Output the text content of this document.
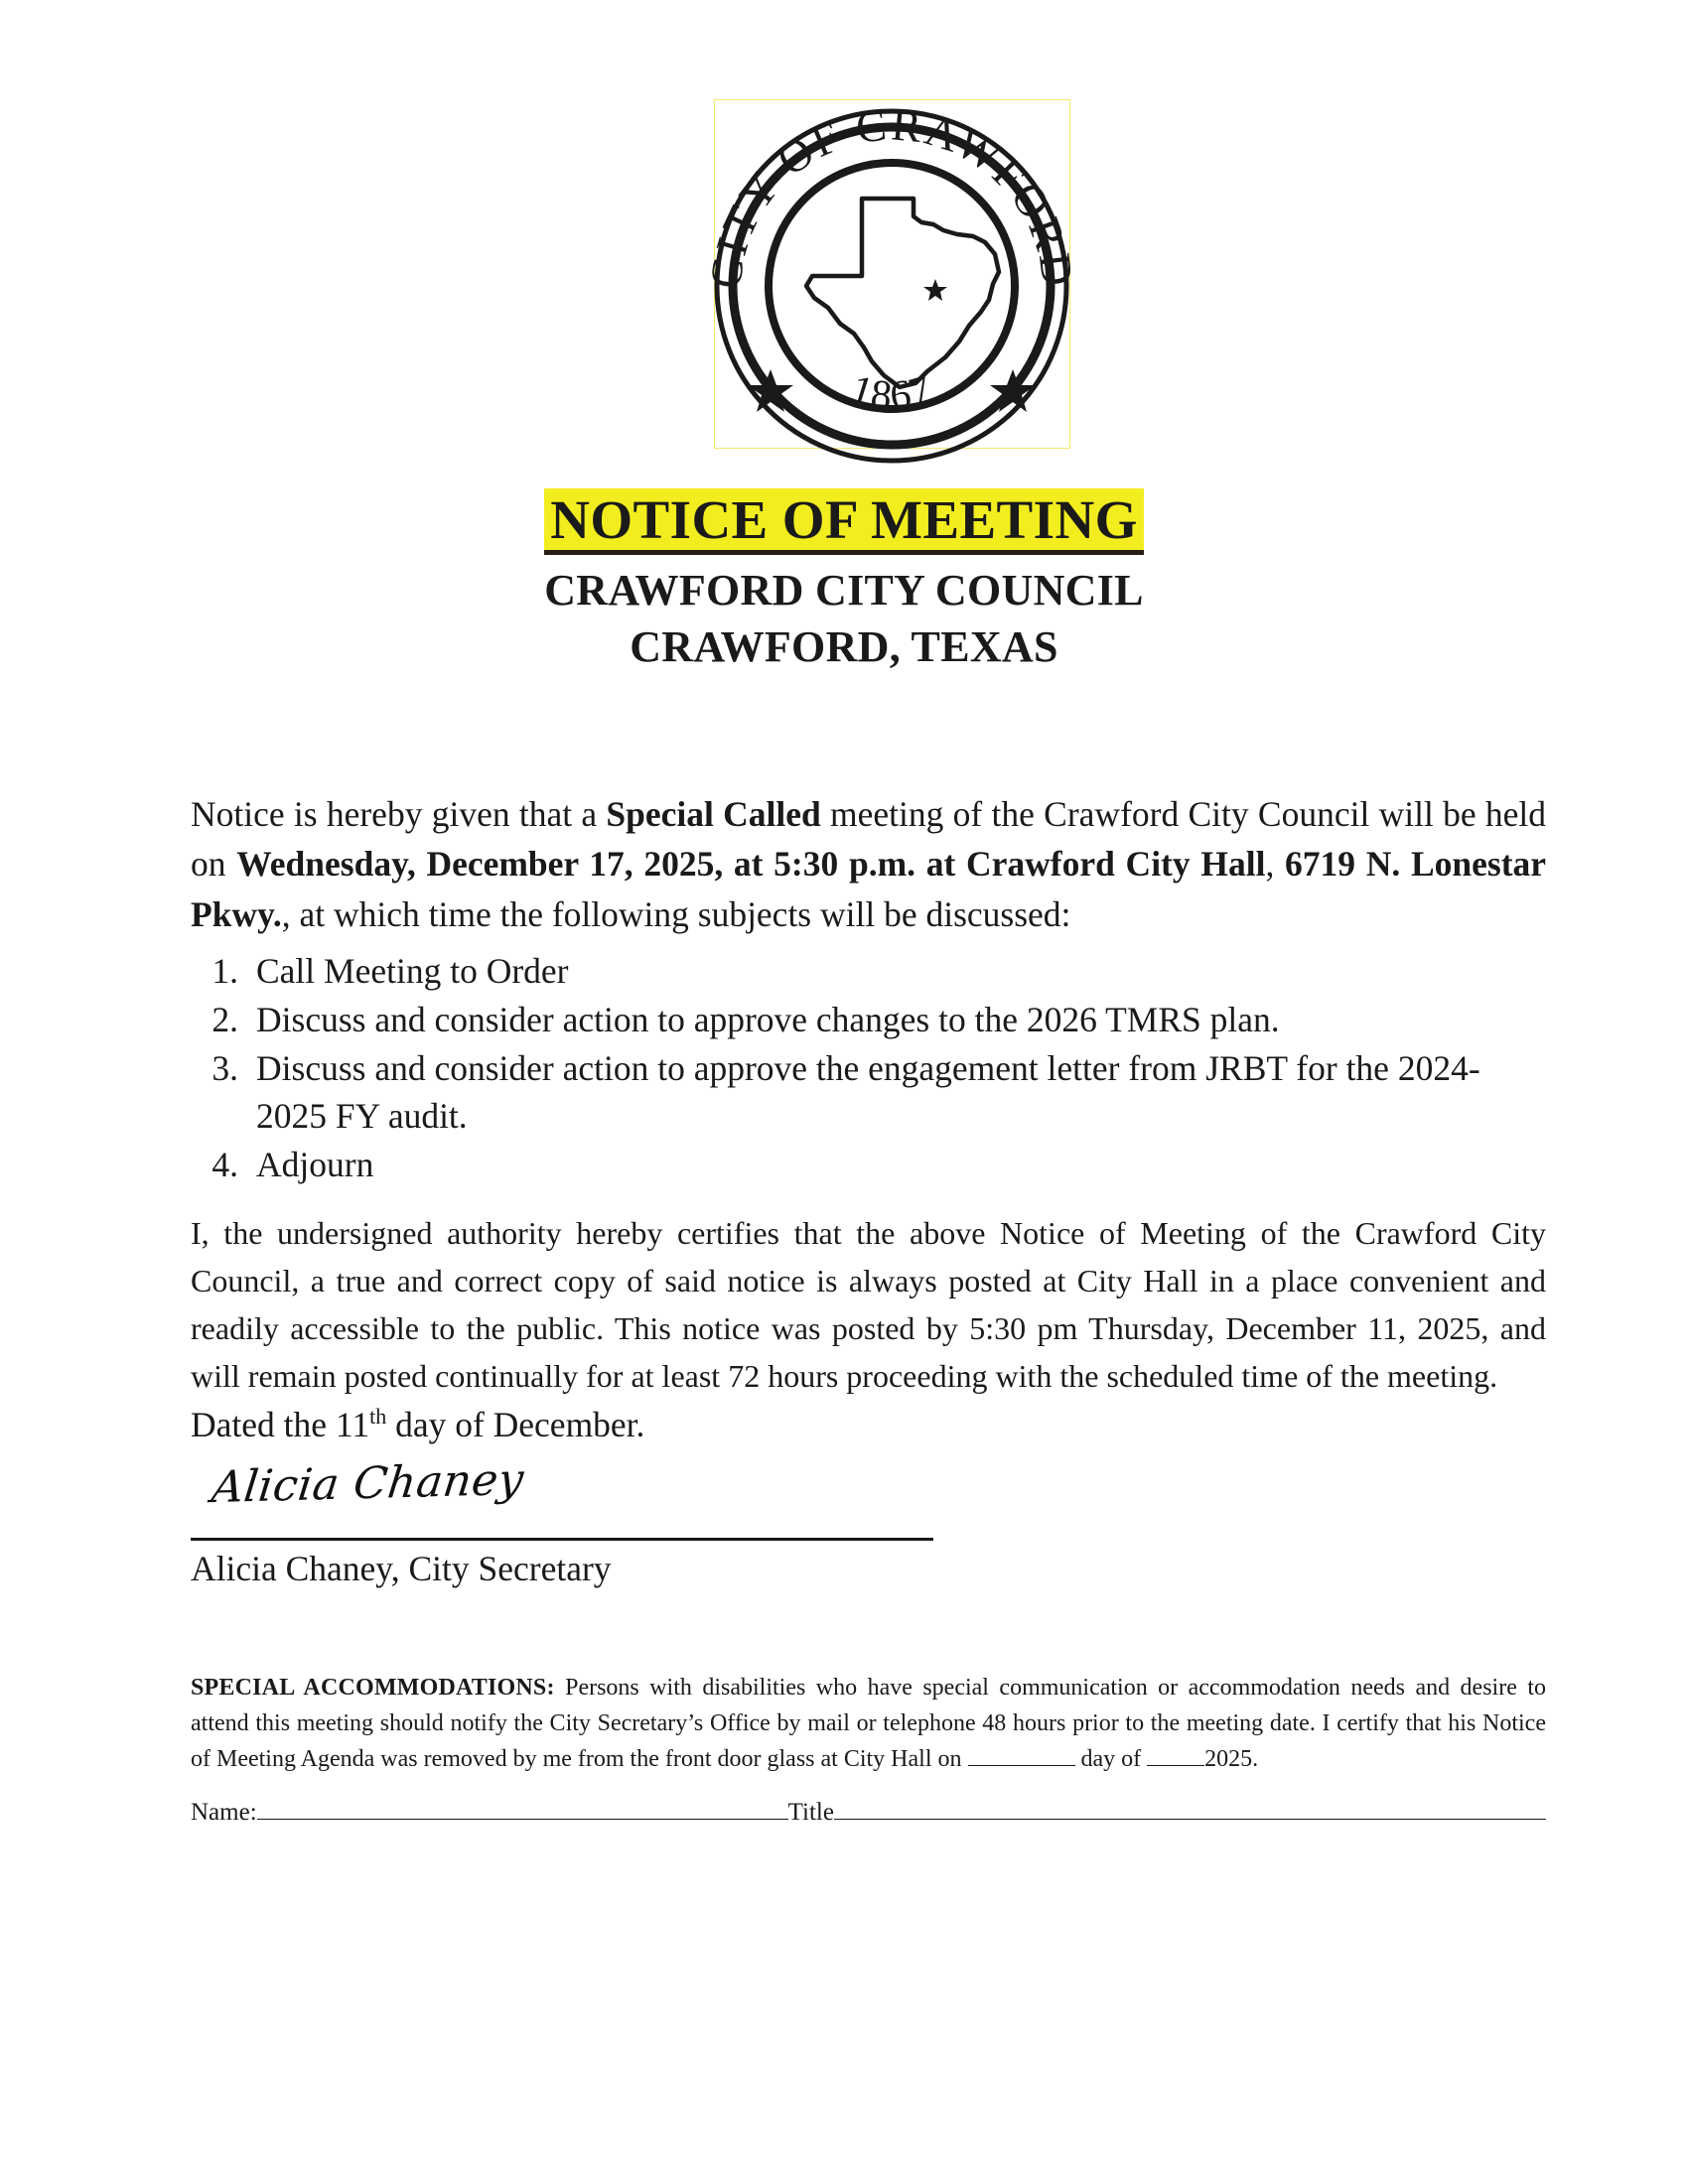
CITY OF CRAWFORD
1867
NOTICE OF MEETING
CRAWFORD CITY COUNCIL
CRAWFORD, TEXAS
Notice is hereby given that a Special Called meeting of the Crawford City Council will be held on Wednesday, December 17, 2025, at 5:30 p.m. at Crawford City Hall, 6719 N. Lonestar Pkwy., at which time the following subjects will be discussed:
1. Call Meeting to Order
2. Discuss and consider action to approve changes to the 2026 TMRS plan.
3. Discuss and consider action to approve the engagement letter from JRBT for the 2024-2025 FY audit.
4. Adjourn
I, the undersigned authority hereby certifies that the above Notice of Meeting of the Crawford City Council, a true and correct copy of said notice is always posted at City Hall in a place convenient and readily accessible to the public. This notice was posted by 5:30 pm Thursday, December 11, 2025, and will remain posted continually for at least 72 hours proceeding with the scheduled time of the meeting.
Dated the 11th day of December.
Alicia Chaney
Alicia Chaney, City Secretary
SPECIAL ACCOMMODATIONS: Persons with disabilities who have special communication or accommodation needs and desire to attend this meeting should notify the City Secretary’s Office by mail or telephone 48 hours prior to the meeting date. I certify that his Notice of Meeting Agenda was removed by me from the front door glass at City Hall on	day of 2025.
Name:	Title
